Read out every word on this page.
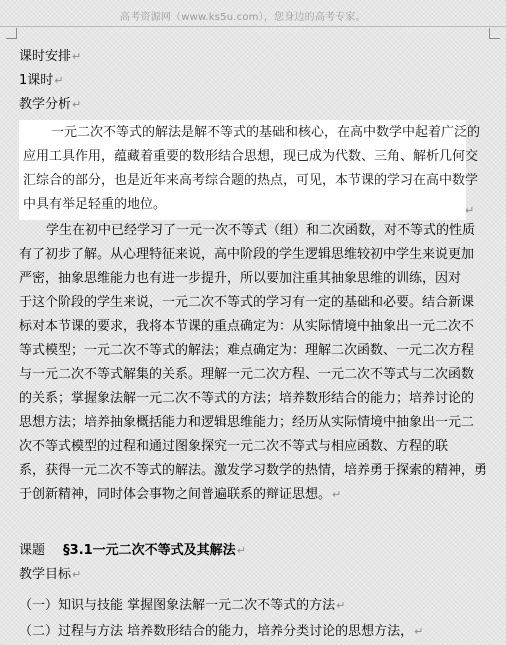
高考资源网（www.ks5u.com），您身边的高考专家。
课时安排↵
1课时↵
教学分析↵
一元二次不等式的解法是解不等式的基础和核心，在高中数学中起着广泛的
应用工具作用，蕴藏着重要的数形结合思想，现已成为代数、三角、解析几何交
汇综合的部分，也是近年来高考综合题的热点，可见，本节课的学习在高中数学
中具有举足轻重的地位。	↵
学生在初中已经学习了一元一次不等式（组）和二次函数，对不等式的性质
有了初步了解。从心理特征来说，高中阶段的学生逻辑思维较初中学生来说更加
严密，抽象思维能力也有进一步提升，所以要加注重其抽象思维的训练，因对
于这个阶段的学生来说，一元二次不等式的学习有一定的基础和必要。结合新课
标对本节课的要求，我将本节课的重点确定为：从实际情境中抽象出一元二次不
等式模型；一元二次不等式的解法；难点确定为：理解二次函数、一元二次方程
与一元二次不等式解集的关系。理解一元二次方程、一元二次不等式与二次函数
的关系；掌握象法解一元二次不等式的方法；培养数形结合的能力；培养讨论的
思想方法；培养抽象概括能力和逻辑思维能力；经历从实际情境中抽象出一元二
次不等式模型的过程和通过图象探究一元二次不等式与相应函数、方程的联
系，获得一元二次不等式的解法。激发学习数学的热情，培养勇于探索的精神，勇
于创新精神，同时体会事物之间普遍联系的辩证思想。↵
课题 §3.1一元二次不等式及其解法↵
教学目标↵
（一）知识与技能 掌握图象法解一元二次不等式的方法↵
（二）过程与方法 培养数形结合的能力，培养分类讨论的思想方法，↵
